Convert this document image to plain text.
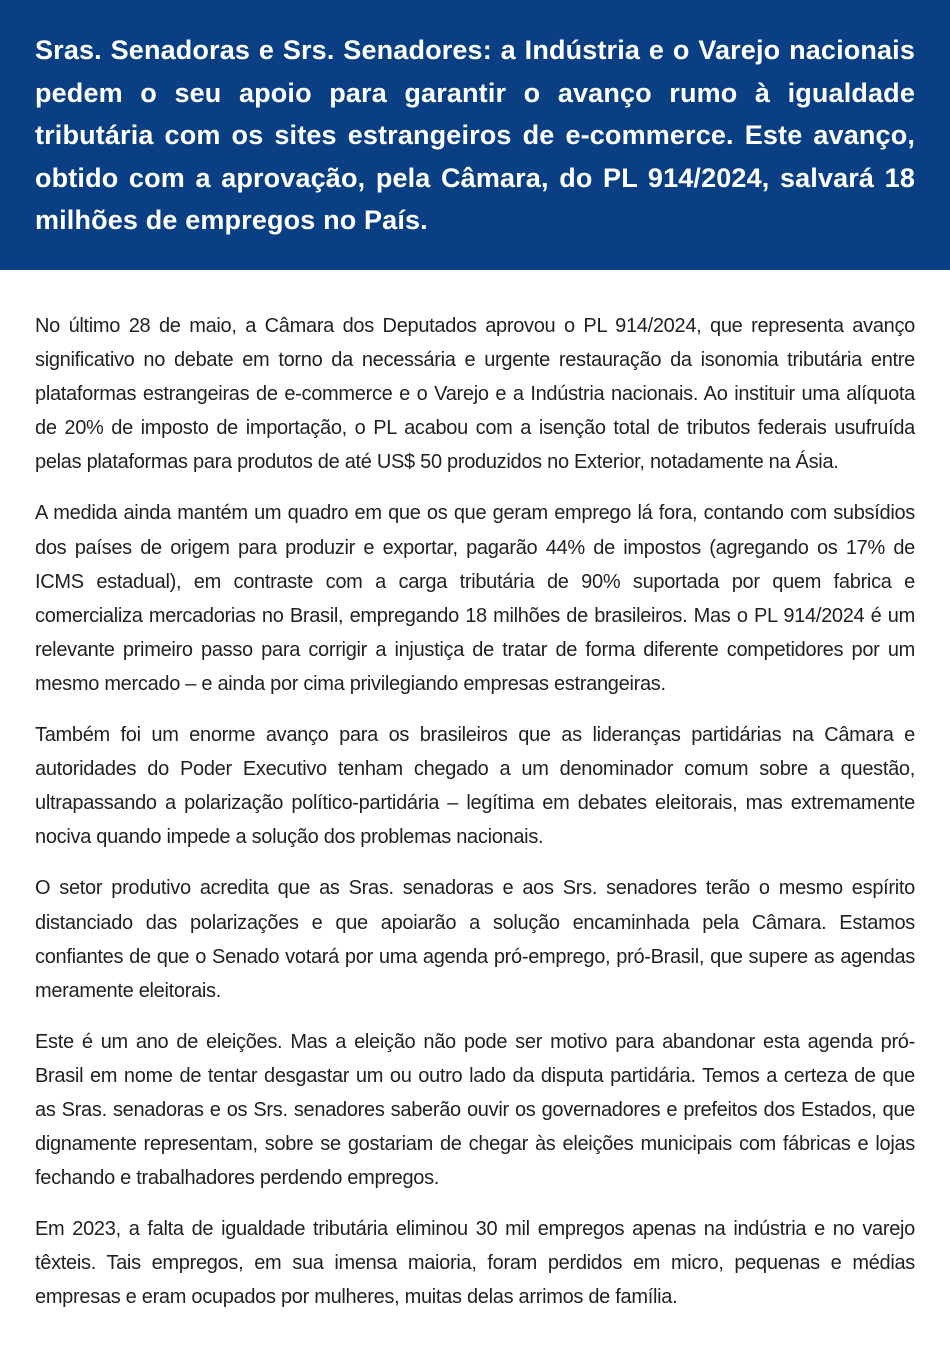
Sras. Senadoras e Srs. Senadores: a Indústria e o Varejo nacionais pedem o seu apoio para garantir o avanço rumo à igualdade tributária com os sites estrangeiros de e-commerce. Este avanço, obtido com a aprovação, pela Câmara, do PL 914/2024, salvará 18 milhões de empregos no País.

No último 28 de maio, a Câmara dos Deputados aprovou o PL 914/2024, que representa avanço significativo no debate em torno da necessária e urgente restauração da isonomia tributária entre plataformas estrangeiras de e-commerce e o Varejo e a Indústria nacionais. Ao instituir uma alíquota de 20% de imposto de importação, o PL acabou com a isenção total de tributos federais usufruída pelas plataformas para produtos de até US$ 50 produzidos no Exterior, notadamente na Ásia.

A medida ainda mantém um quadro em que os que geram emprego lá fora, contando com subsídios dos países de origem para produzir e exportar, pagarão 44% de impostos (agregando os 17% de ICMS estadual), em contraste com a carga tributária de 90% suportada por quem fabrica e comercializa mercadorias no Brasil, empregando 18 milhões de brasileiros. Mas o PL 914/2024 é um relevante primeiro passo para corrigir a injustiça de tratar de forma diferente competidores por um mesmo mercado – e ainda por cima privilegiando empresas estrangeiras.

Também foi um enorme avanço para os brasileiros que as lideranças partidárias na Câmara e autoridades do Poder Executivo tenham chegado a um denominador comum sobre a questão, ultrapassando a polarização político-partidária – legítima em debates eleitorais, mas extremamente nociva quando impede a solução dos problemas nacionais.

O setor produtivo acredita que as Sras. senadoras e aos Srs. senadores terão o mesmo espírito distanciado das polarizações e que apoiarão a solução encaminhada pela Câmara. Estamos confiantes de que o Senado votará por uma agenda pró-emprego, pró-Brasil, que supere as agendas meramente eleitorais.

Este é um ano de eleições. Mas a eleição não pode ser motivo para abandonar esta agenda pró-Brasil em nome de tentar desgastar um ou outro lado da disputa partidária. Temos a certeza de que as Sras. senadoras e os Srs. senadores saberão ouvir os governadores e prefeitos dos Estados, que dignamente representam, sobre se gostariam de chegar às eleições municipais com fábricas e lojas fechando e trabalhadores perdendo empregos.

Em 2023, a falta de igualdade tributária eliminou 30 mil empregos apenas na indústria e no varejo têxteis. Tais empregos, em sua imensa maioria, foram perdidos em micro, pequenas e médias empresas e eram ocupados por mulheres, muitas delas arrimos de família.
